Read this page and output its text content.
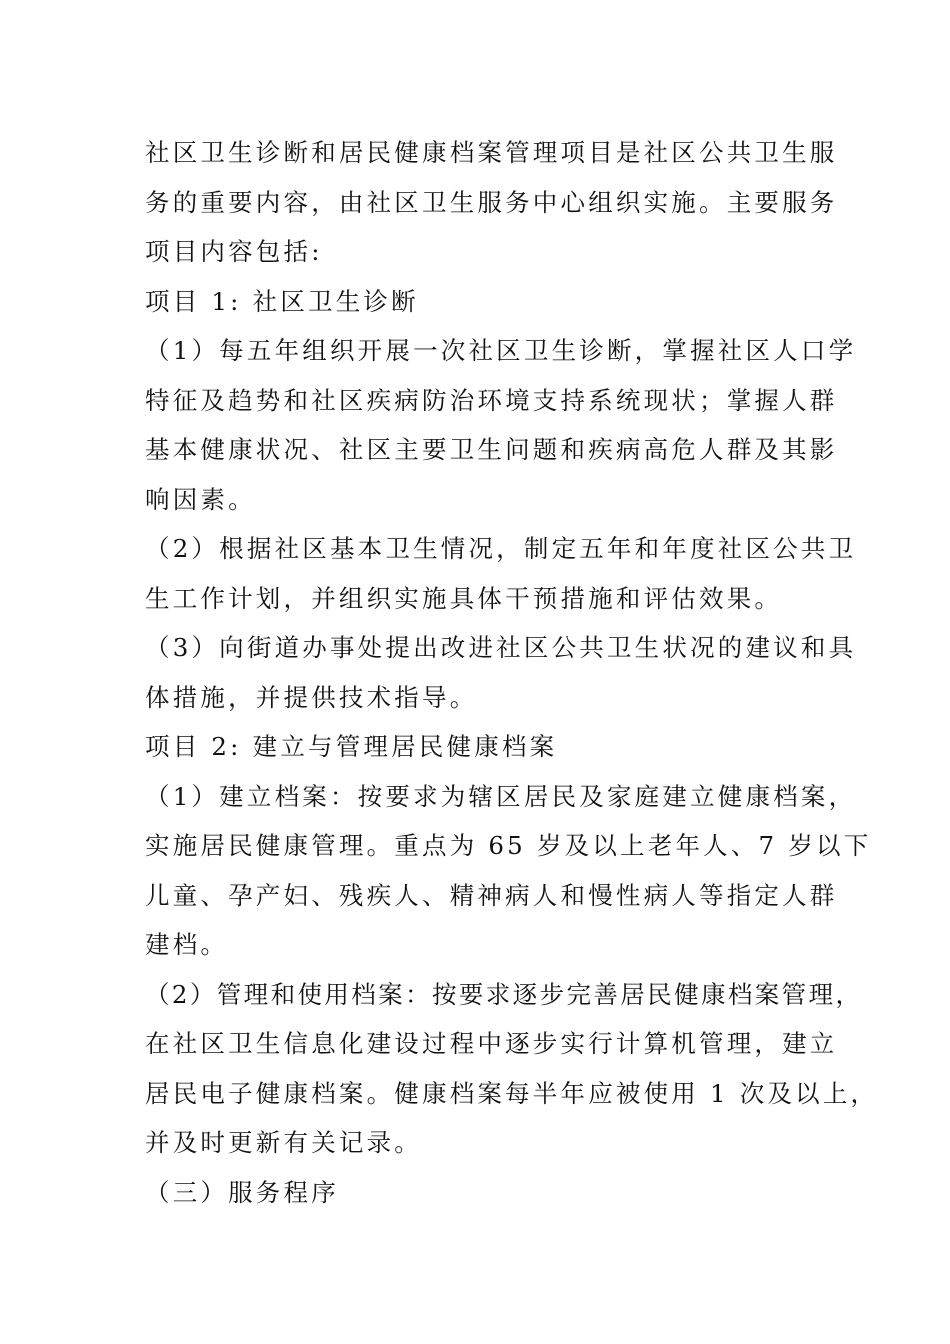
社区卫生诊断和居民健康档案管理项目是社区公共卫生服
务的重要内容，由社区卫生服务中心组织实施。主要服务
项目内容包括:
项目 1: 社区卫生诊断
（1）每五年组织开展一次社区卫生诊断，掌握社区人口学
特征及趋势和社区疾病防治环境支持系统现状；掌握人群
基本健康状况、社区主要卫生问题和疾病高危人群及其影
响因素。
（2）根据社区基本卫生情况，制定五年和年度社区公共卫
生工作计划，并组织实施具体干预措施和评估效果。
（3）向街道办事处提出改进社区公共卫生状况的建议和具
体措施，并提供技术指导。
项目 2: 建立与管理居民健康档案
（1）建立档案：按要求为辖区居民及家庭建立健康档案，
实施居民健康管理。重点为 65 岁及以上老年人、7 岁以下
儿童、孕产妇、残疾人、精神病人和慢性病人等指定人群
建档。
（2）管理和使用档案：按要求逐步完善居民健康档案管理，
在社区卫生信息化建设过程中逐步实行计算机管理，建立
居民电子健康档案。健康档案每半年应被使用 1 次及以上，
并及时更新有关记录。
（三）服务程序
